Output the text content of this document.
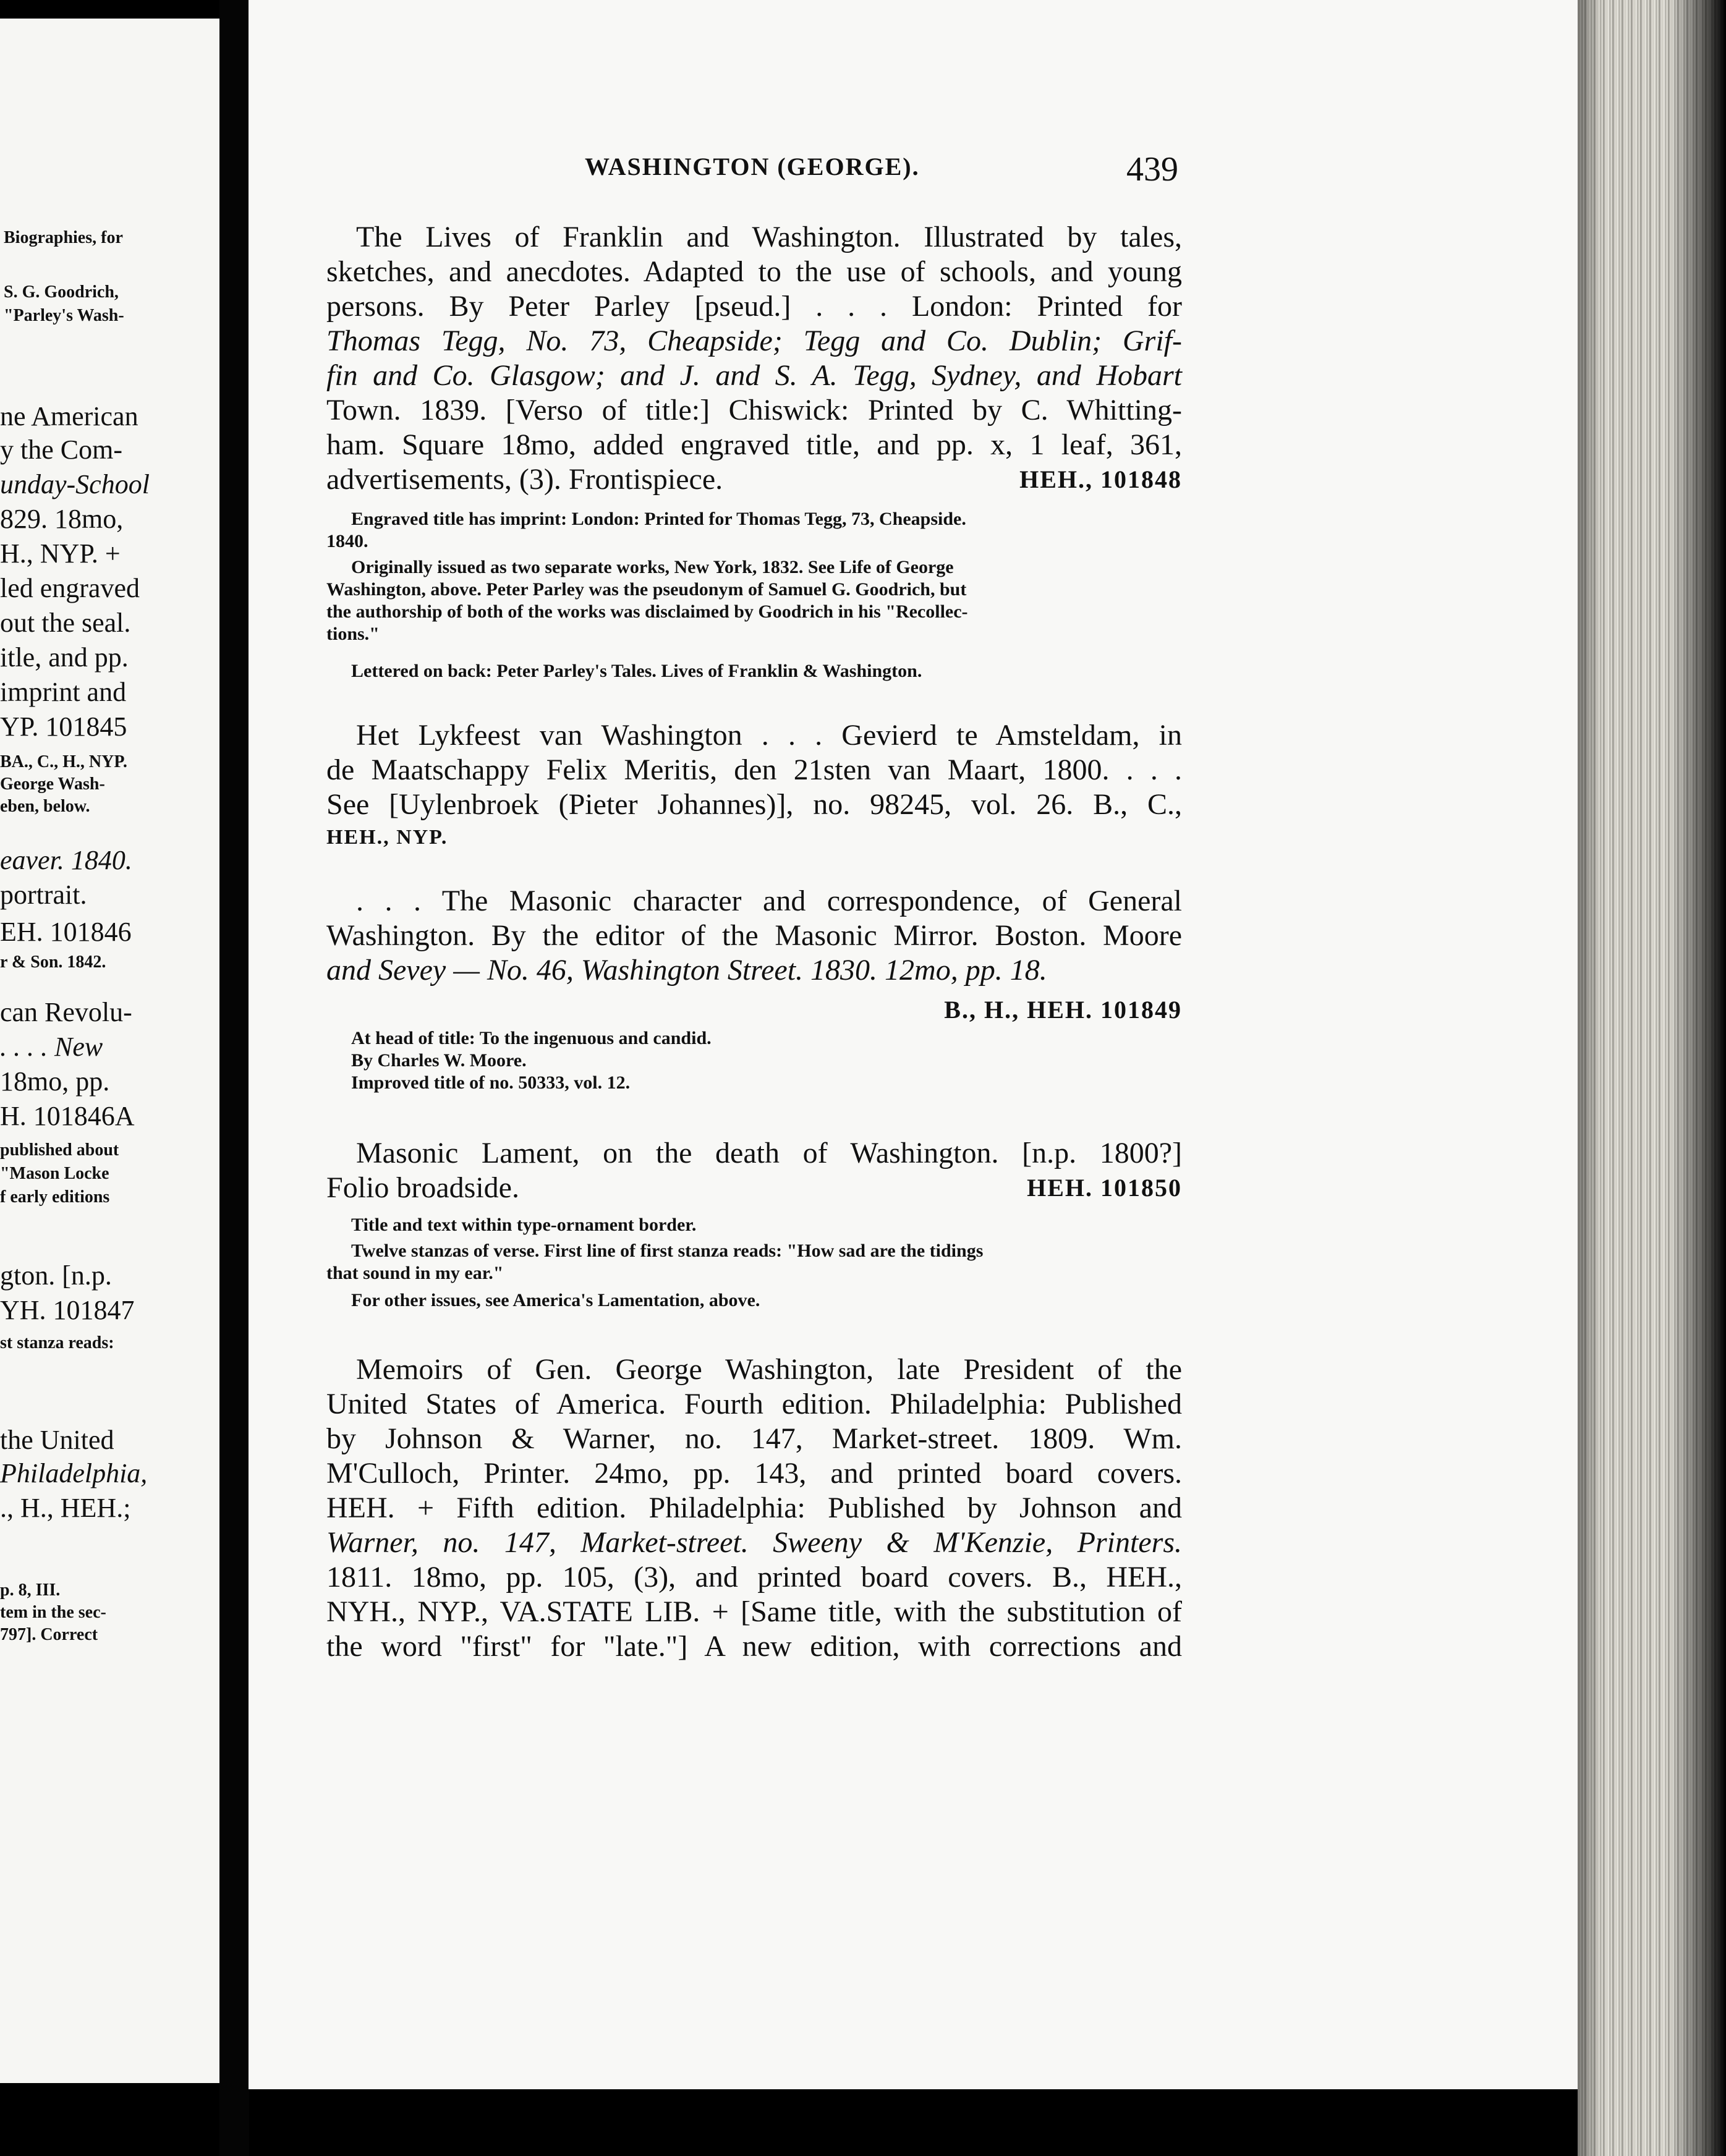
Biographies, for
S. G. Goodrich,
"Parley's Wash-
ne American
y the Com-
unday-School
829. 18mo,
H., NYP. +
led engraved
out the seal.
itle, and pp.
imprint and
YP. 101845
BA., C., H., NYP.
George Wash-
eben, below.
eaver. 1840.
portrait.
EH. 101846
r & Son. 1842.
can Revolu-
. . . . New
18mo, pp.
H. 101846A
published about
"Mason Locke
f early editions
gton. [n.p.
YH. 101847
st stanza reads:
the United
Philadelphia,
., H., HEH.;
p. 8, III.
tem in the sec-
797]. Correct
WASHINGTON (GEORGE).	439
The Lives of Franklin and Washington. Illustrated by tales,
sketches, and anecdotes. Adapted to the use of schools, and young
persons. By Peter Parley [pseud.] . . . London: Printed for
Thomas Tegg, No. 73, Cheapside; Tegg and Co. Dublin; Grif-
fin and Co. Glasgow; and J. and S. A. Tegg, Sydney, and Hobart
Town. 1839. [Verso of title:] Chiswick: Printed by C. Whitting-
ham. Square 18mo, added engraved title, and pp. x, 1 leaf, 361,
advertisements, (3). Frontispiece.	HEH., 101848
Engraved title has imprint: London: Printed for Thomas Tegg, 73, Cheapside.
1840.
Originally issued as two separate works, New York, 1832. See Life of George
Washington, above. Peter Parley was the pseudonym of Samuel G. Goodrich, but
the authorship of both of the works was disclaimed by Goodrich in his "Recollec-
tions."
Lettered on back: Peter Parley's Tales. Lives of Franklin & Washington.
Het Lykfeest van Washington . . . Gevierd te Amsteldam, in
de Maatschappy Felix Meritis, den 21sten van Maart, 1800. . . .
See [Uylenbroek (Pieter Johannes)], no. 98245, vol. 26. B., C.,
HEH., NYP.
. . . The Masonic character and correspondence, of General
Washington. By the editor of the Masonic Mirror. Boston. Moore
and Sevey — No. 46, Washington Street. 1830. 12mo, pp. 18.
B., H., HEH. 101849
At head of title: To the ingenuous and candid.
By Charles W. Moore.
Improved title of no. 50333, vol. 12.
Masonic Lament, on the death of Washington. [n.p. 1800?]
Folio broadside.	HEH. 101850
Title and text within type-ornament border.
Twelve stanzas of verse. First line of first stanza reads: "How sad are the tidings
that sound in my ear."
For other issues, see America's Lamentation, above.
Memoirs of Gen. George Washington, late President of the
United States of America. Fourth edition. Philadelphia: Published
by Johnson & Warner, no. 147, Market-street. 1809. Wm.
M'Culloch, Printer. 24mo, pp. 143, and printed board covers.
HEH. + Fifth edition. Philadelphia: Published by Johnson and
Warner, no. 147, Market-street. Sweeny & M'Kenzie, Printers.
1811. 18mo, pp. 105, (3), and printed board covers. B., HEH.,
NYH., NYP., VA.STATE LIB. + [Same title, with the substitution of
the word "first" for "late."] A new edition, with corrections and
